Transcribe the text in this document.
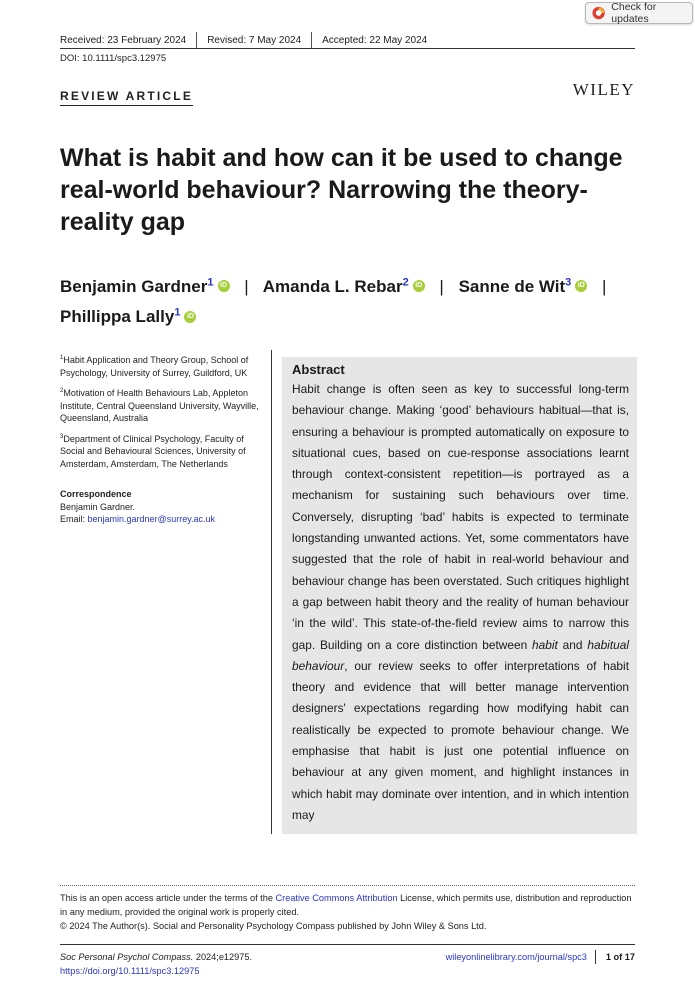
Check for updates
Received: 23 February 2024	Revised: 7 May 2024	Accepted: 22 May 2024
DOI: 10.1111/spc3.12975
REVIEW ARTICLE	WILEY
What is habit and how can it be used to change real-world behaviour? Narrowing the theory-reality gap
Benjamin Gardner$^1$ iD | Amanda L. Rebar$^2$ iD | Sanne de Wit$^3$ iD |
Phillippa Lally$^1$ iD
$^1$Habit Application and Theory Group, School of Psychology, University of Surrey, Guildford, UK
$^2$Motivation of Health Behaviours Lab, Appleton Institute, Central Queensland University, Wayville, Queensland, Australia
$^3$Department of Clinical Psychology, Faculty of Social and Behavioural Sciences, University of Amsterdam, Amsterdam, The Netherlands
Correspondence
Benjamin Gardner.
Email: benjamin.gardner@surrey.ac.uk
Abstract

Habit change is often seen as key to successful long-term behaviour change. Making ‘good’ behaviours habitual—that is, ensuring a behaviour is prompted automatically on exposure to situational cues, based on cue-response associations learnt through context-consistent repetition—is portrayed as a mechanism for sustaining such behaviours over time. Conversely, disrupting ‘bad’ habits is expected to terminate longstanding unwanted actions. Yet, some commentators have suggested that the role of habit in real-world behaviour and behaviour change has been overstated. Such critiques highlight a gap between habit theory and the reality of human behaviour ‘in the wild’. This state-of-the-field review aims to narrow this gap. Building on a core distinction between habit and habitual behaviour, our review seeks to offer interpretations of habit theory and evidence that will better manage intervention designers' expectations regarding how modifying habit can realistically be expected to promote behaviour change. We emphasise that habit is just one potential influence on behaviour at any given moment, and highlight instances in which habit may dominate over intention, and in which intention may

This is an open access article under the terms of the Creative Commons Attribution License, which permits use, distribution and reproduction in any medium, provided the original work is properly cited.
© 2024 The Author(s). Social and Personality Psychology Compass published by John Wiley & Sons Ltd.
Soc Personal Psychol Compass. 2024;e12975.
https://doi.org/10.1111/spc3.12975
wileyonlinelibrary.com/journal/spc3 1 of 17
